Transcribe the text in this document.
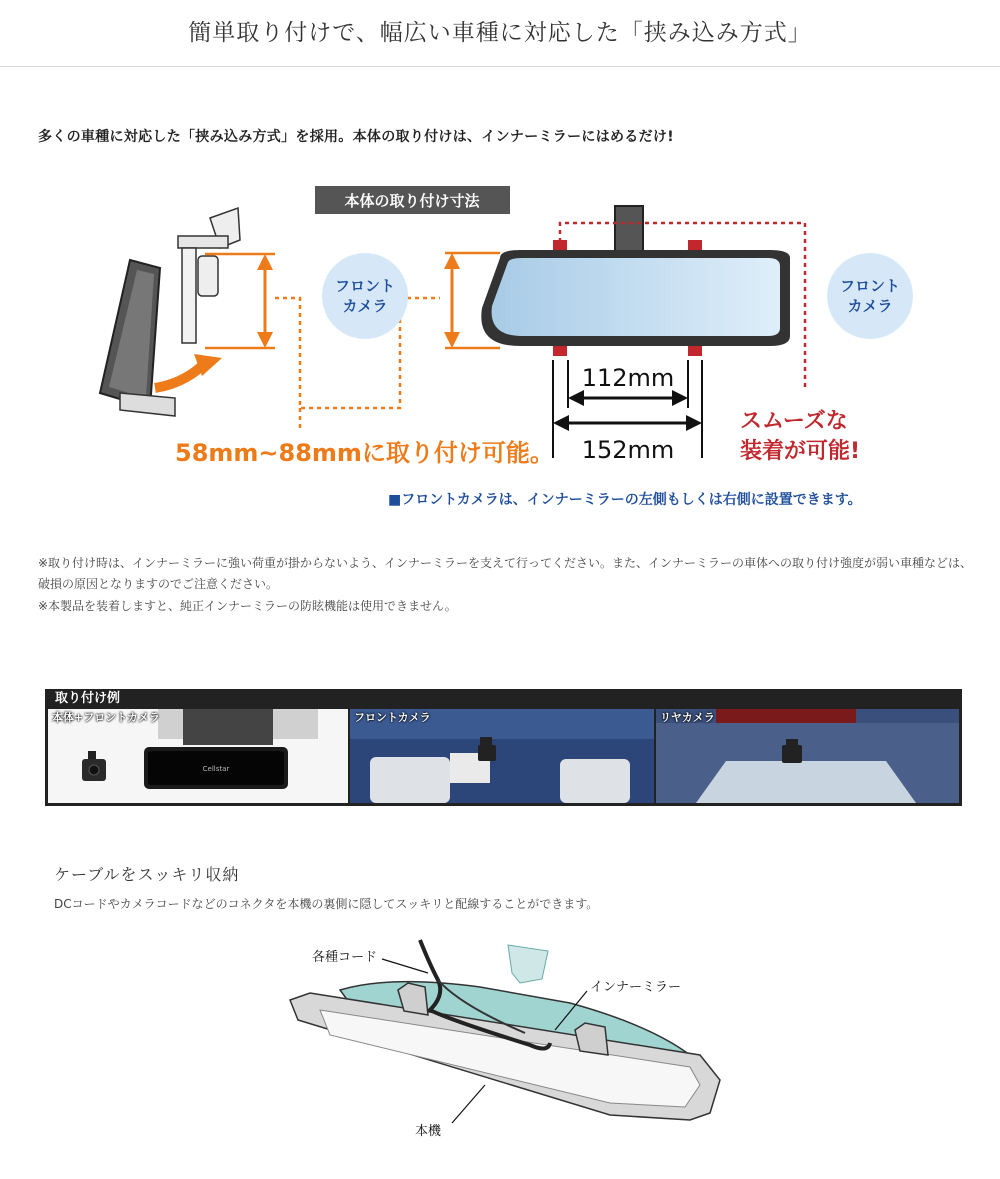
簡単取り付けで、幅広い車種に対応した「挟み込み方式」
多くの車種に対応した「挟み込み方式」を採用。本体の取り付けは、インナーミラーにはめるだけ!
本体の取り付け寸法
フロント
カメラ
フロント
カメラ
112mm
152mm
58mm~88mmに取り付け可能。
スムーズな
装着が可能!
■フロントカメラは、インナーミラーの左側もしくは右側に設置できます。
※取り付け時は、インナーミラーに強い荷重が掛からないよう、インナーミラーを支えて行ってください。また、インナーミラーの車体への取り付け強度が弱い車種などは、破損の原因となりますのでご注意ください。
※本製品を装着しますと、純正インナーミラーの防眩機能は使用できません。
取り付け例
Cellstar
本体+フロントカメラ	フロントカメラ	リヤカメラ
ケーブルをスッキリ収納
DCコードやカメラコードなどのコネクタを本機の裏側に隠してスッキリと配線することができます。
各種コード
インナーミラー
本機
